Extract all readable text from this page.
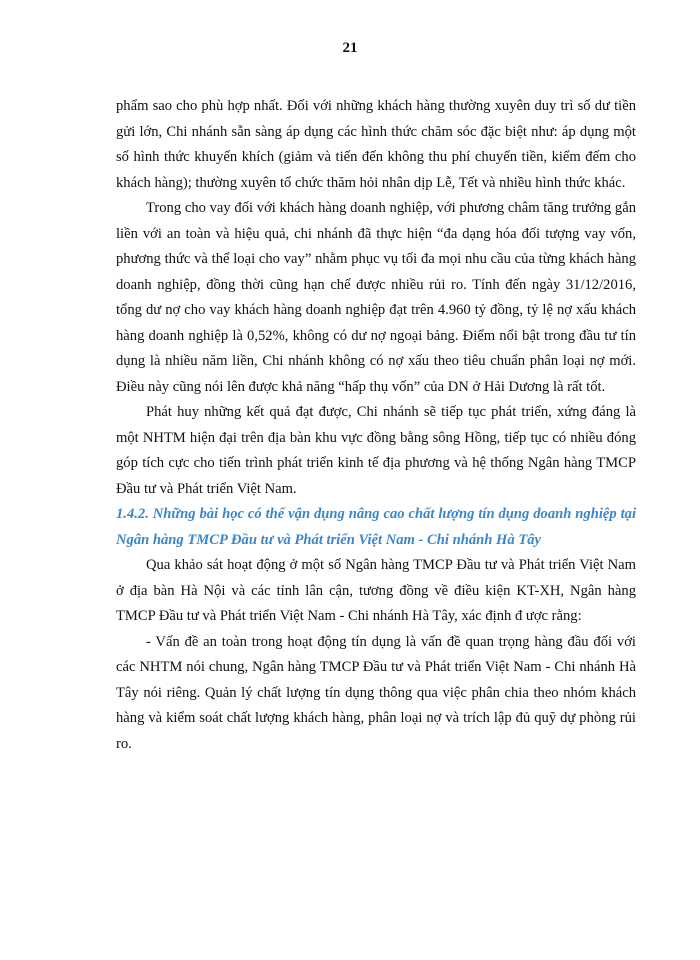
21

phẩm sao cho phù hợp nhất. Đối với những khách hàng thường xuyên duy trì số dư tiền gửi lớn, Chi nhánh sẵn sàng áp dụng các hình thức chăm sóc đặc biệt như: áp dụng một số hình thức khuyến khích (giảm và tiến đến không thu phí chuyển tiền, kiểm đếm cho khách hàng); thường xuyên tổ chức thăm hỏi nhân dịp Lễ, Tết và nhiều hình thức khác.

Trong cho vay đối với khách hàng doanh nghiệp, với phương châm tăng trưởng gắn liền với an toàn và hiệu quả, chi nhánh đã thực hiện “đa dạng hóa đối tượng vay vốn, phương thức và thể loại cho vay” nhằm phục vụ tối đa mọi nhu cầu của từng khách hàng doanh nghiệp, đồng thời cũng hạn chế được nhiều rủi ro. Tính đến ngày 31/12/2016, tổng dư nợ cho vay khách hàng doanh nghiệp đạt trên 4.960 tỷ đồng, tỷ lệ nợ xấu khách hàng doanh nghiệp là 0,52%, không có dư nợ ngoại bảng. Điểm nổi bật trong đầu tư tín dụng là nhiều năm liền, Chi nhánh không có nợ xấu theo tiêu chuẩn phân loại nợ mới. Điều này cũng nói lên được khả năng “hấp thụ vốn” của DN ở Hải Dương là rất tốt.

Phát huy những kết quả đạt được, Chi nhánh sẽ tiếp tục phát triển, xứng đáng là một NHTM hiện đại trên địa bàn khu vực đồng bằng sông Hồng, tiếp tục có nhiều đóng góp tích cực cho tiến trình phát triển kinh tế địa phương và hệ thống Ngân hàng TMCP Đầu tư và Phát triển Việt Nam.

1.4.2. Những bài học có thể vận dụng nâng cao chất lượng tín dụng doanh nghiệp tại Ngân hàng TMCP Đầu tư và Phát triển Việt Nam - Chi nhánh Hà Tây

Qua khảo sát hoạt động ở một số Ngân hàng TMCP Đầu tư và Phát triển Việt Nam ở địa bàn Hà Nội và các tỉnh lân cận, tương đồng về điều kiện KT-XH, Ngân hàng TMCP Đầu tư và Phát triển Việt Nam - Chi nhánh Hà Tây, xác định đ ược rằng:

- Vấn đề an toàn trong hoạt động tín dụng là vấn đề quan trọng hàng đầu đối với các NHTM nói chung, Ngân hàng TMCP Đầu tư và Phát triển Việt Nam - Chi nhánh Hà Tây nói riêng. Quản lý chất lượng tín dụng thông qua việc phân chia theo nhóm khách hàng và kiểm soát chất lượng khách hàng, phân loại nợ và trích lập đủ quỹ dự phòng rủi ro.
